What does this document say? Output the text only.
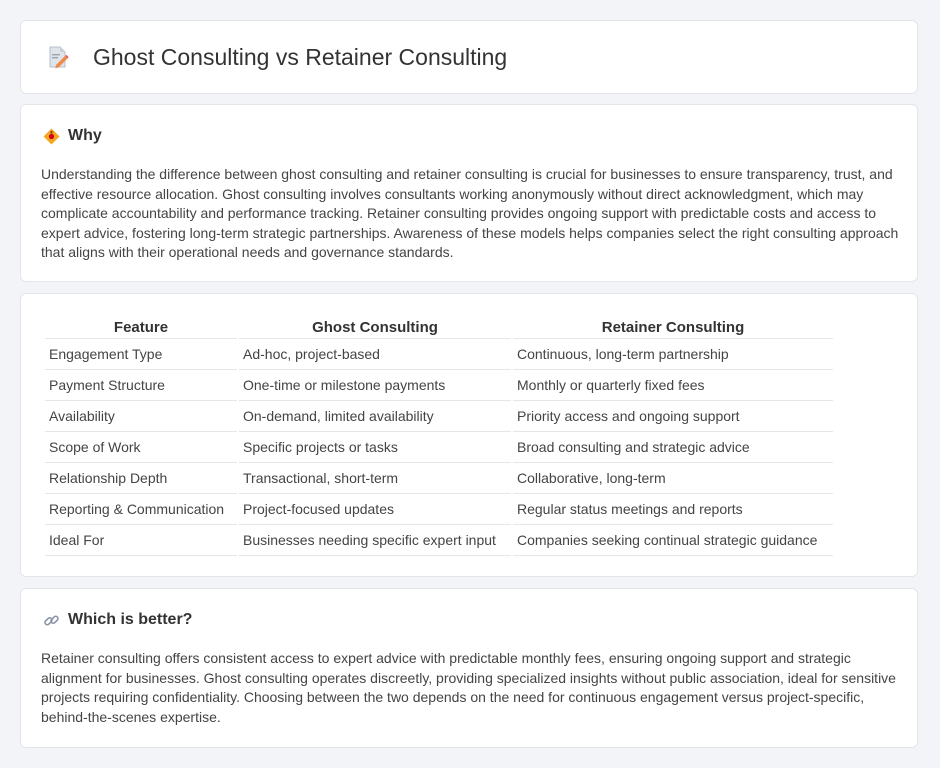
Ghost Consulting vs Retainer Consulting
Why

Understanding the difference between ghost consulting and retainer consulting is crucial for businesses to ensure transparency, trust, and effective resource allocation. Ghost consulting involves consultants working anonymously without direct acknowledgment, which may complicate accountability and performance tracking. Retainer consulting provides ongoing support with predictable costs and access to expert advice, fostering long-term strategic partnerships. Awareness of these models helps companies select the right consulting approach that aligns with their operational needs and governance standards.

Feature	Ghost Consulting	Retainer Consulting
Engagement Type	Ad-hoc, project-based	Continuous, long-term partnership
Payment Structure	One-time or milestone payments	Monthly or quarterly fixed fees
Availability	On-demand, limited availability	Priority access and ongoing support
Scope of Work	Specific projects or tasks	Broad consulting and strategic advice
Relationship Depth	Transactional, short-term	Collaborative, long-term
Reporting & Communication	Project-focused updates	Regular status meetings and reports
Ideal For	Businesses needing specific expert input	Companies seeking continual strategic guidance
Which is better?

Retainer consulting offers consistent access to expert advice with predictable monthly fees, ensuring ongoing support and strategic alignment for businesses. Ghost consulting operates discreetly, providing specialized insights without public association, ideal for sensitive projects requiring confidentiality. Choosing between the two depends on the need for continuous engagement versus project-specific, behind-the-scenes expertise.
